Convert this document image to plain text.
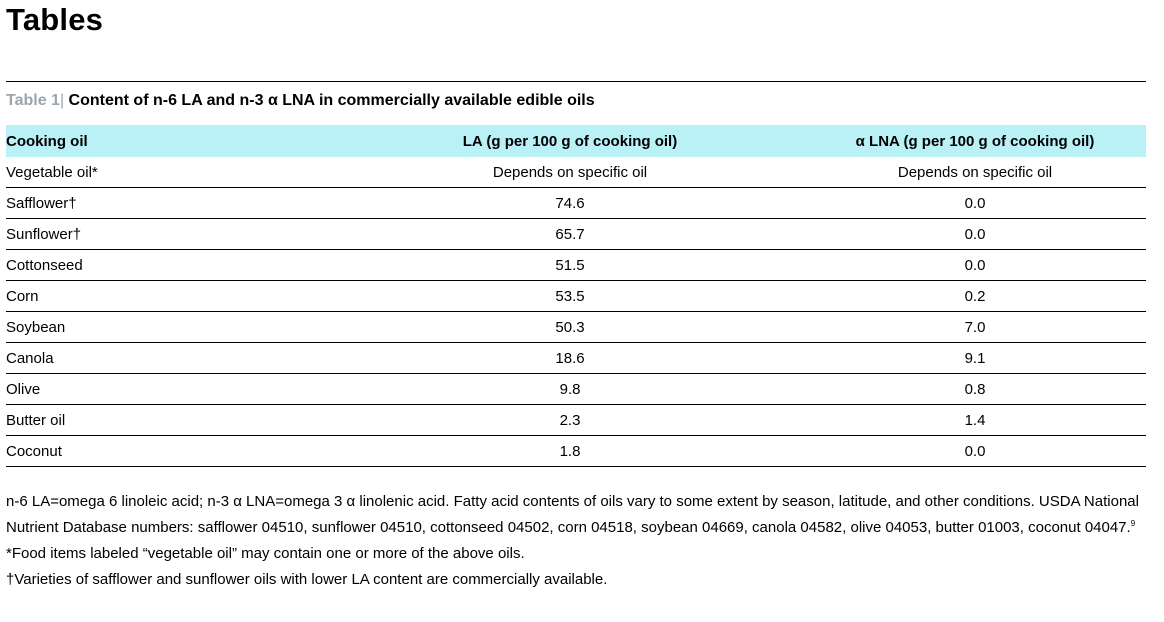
Tables
Table 1| Content of n-6 LA and n-3 α LNA in commercially available edible oils
Cooking oil	LA (g per 100 g of cooking oil)	α LNA (g per 100 g of cooking oil)
Vegetable oil*	Depends on specific oil	Depends on specific oil
Safflower†	74.6	0.0
Sunflower†	65.7	0.0
Cottonseed	51.5	0.0
Corn	53.5	0.2
Soybean	50.3	7.0
Canola	18.6	9.1
Olive	9.8	0.8
Butter oil	2.3	1.4
Coconut	1.8	0.0

n-6 LA=omega 6 linoleic acid; n-3 α LNA=omega 3 α linolenic acid. Fatty acid contents of oils vary to some extent by season, latitude, and other conditions. USDA National Nutrient Database numbers: safflower 04510, sunflower 04510, cottonseed 04502, corn 04518, soybean 04669, canola 04582, olive 04053, butter 01003, coconut 04047.$^9$

*Food items labeled “vegetable oil” may contain one or more of the above oils.

†Varieties of safflower and sunflower oils with lower LA content are commercially available.
